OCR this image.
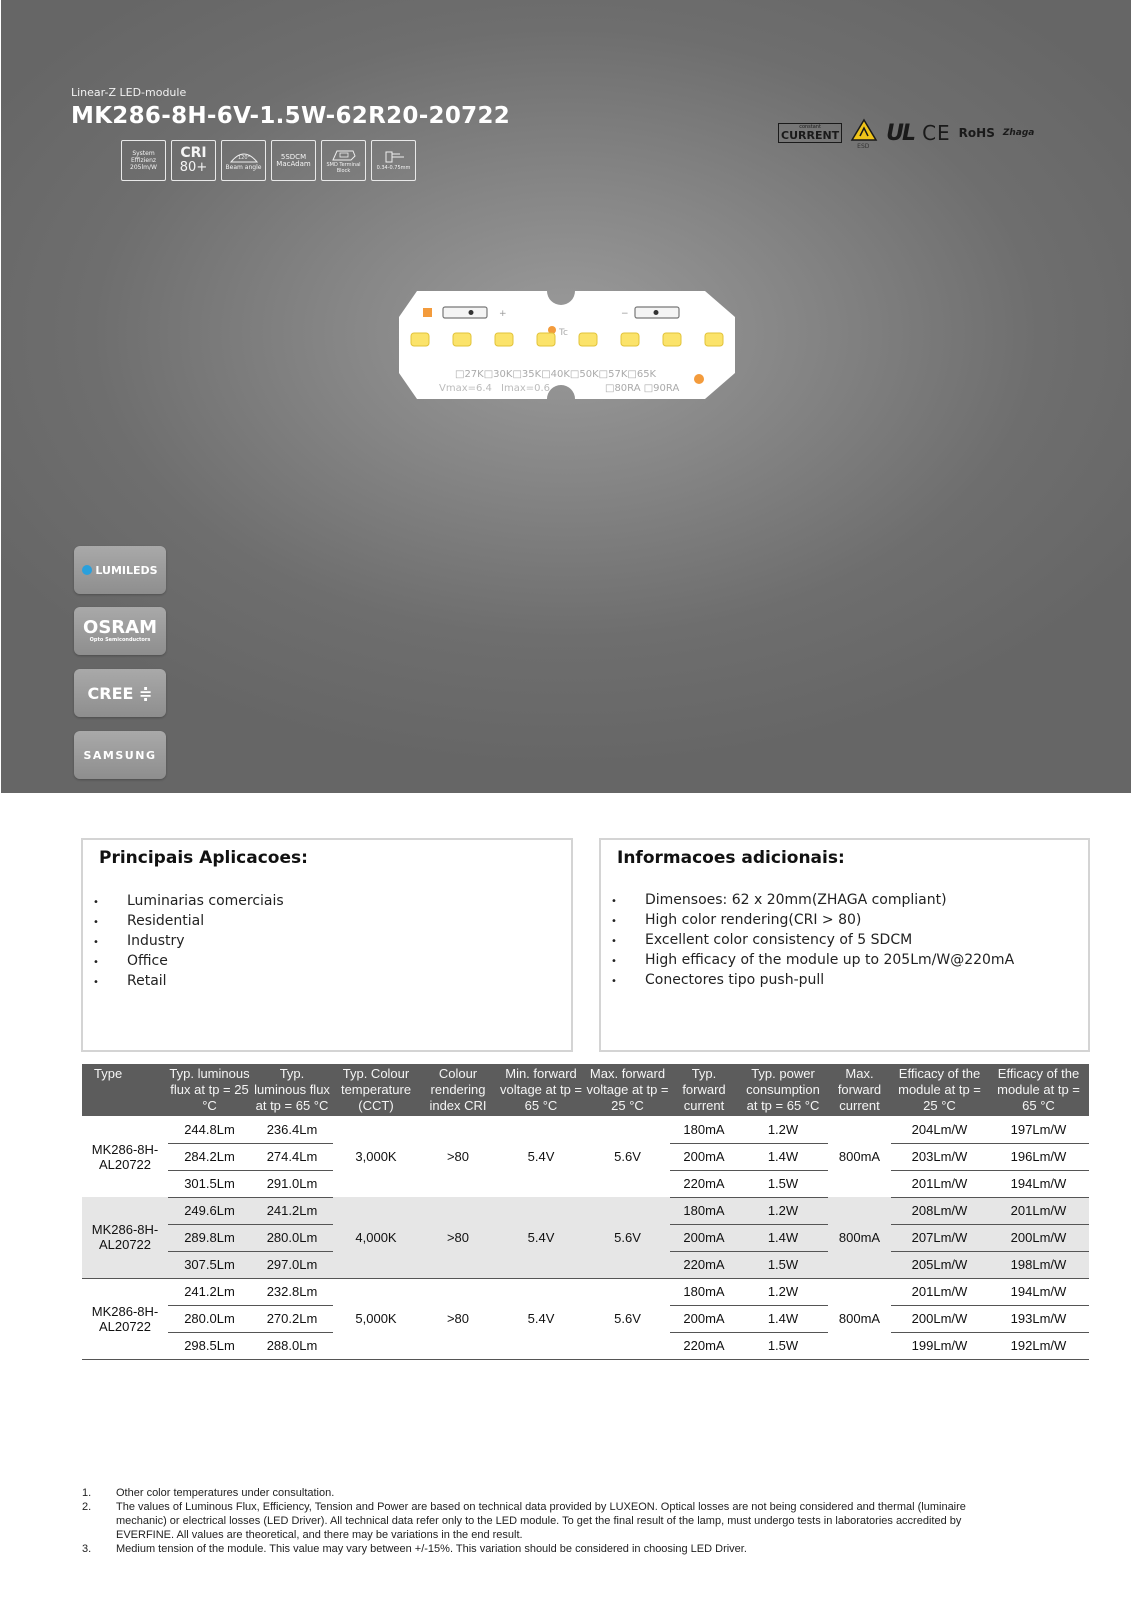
Linear-Z LED-module
MK286-8H-6V-1.5W-62R20-20722
System
Effizienz
205lm/W
CRI
80+
120°
Beam angle
5SDCM
MacAdam	SMD Terminal
Block	0.34-0.75mm
constant
CURRENT
ESD
UL CE RoHS Zhaga
+	−
Tc
□27K□30K□35K□40K□50K□57K□65K
Vmax=6.4 Imax=0.6	□80RA □90RA
LUMILEDS
OSRAM
Opto Semiconductors
CREE ≑
SAMSUNG
Principais Aplicacoes:
• Luminarias comerciais
• Residential
• Industry
• Office
• Retail
Informacoes adicionais:
• Dimensoes: 62 x 20mm(ZHAGA compliant)
• High color rendering(CRI > 80)
• Excellent color consistency of 5 SDCM
• High efficacy of the module up to 205Lm/W@220mA
• Conectores tipo push-pull
Type	Typ. luminous flux at tp = 25 °C	Typ. luminous flux at tp = 65 °C	Typ. Colour temperature (CCT)	Colour rendering index CRI	Min. forward voltage at tp = 65 °C	Max. forward voltage at tp = 25 °C	Typ. forward current	Typ. power consumption at tp = 65 °C	Max. forward current	Efficacy of the module at tp = 25 °C	Efficacy of the module at tp = 65 °C
MK286-8H-AL20722	244.8Lm	236.4Lm	3,000K	>80	5.4V	5.6V	180mA	1.2W	800mA	204Lm/W	197Lm/W
	284.2Lm	274.4Lm					200mA	1.4W		203Lm/W	196Lm/W
	301.5Lm	291.0Lm					220mA	1.5W		201Lm/W	194Lm/W
MK286-8H-AL20722	249.6Lm	241.2Lm	4,000K	>80	5.4V	5.6V	180mA	1.2W	800mA	208Lm/W	201Lm/W
	289.8Lm	280.0Lm					200mA	1.4W		207Lm/W	200Lm/W
	307.5Lm	297.0Lm					220mA	1.5W		205Lm/W	198Lm/W
MK286-8H-AL20722	241.2Lm	232.8Lm	5,000K	>80	5.4V	5.6V	180mA	1.2W	800mA	201Lm/W	194Lm/W
	280.0Lm	270.2Lm					200mA	1.4W		200Lm/W	193Lm/W
	298.5Lm	288.0Lm					220mA	1.5W		199Lm/W	192Lm/W
1.	Other color temperatures under consultation.
2.	The values of Luminous Flux, Efficiency, Tension and Power are based on technical data provided by LUXEON. Optical losses are not being considered and thermal (luminaire mechanic) or electrical losses (LED Driver). All technical data refer only to the LED module. To get the final result of the lamp, must undergo tests in laboratories accredited by EVERFINE. All values are theoretical, and there may be variations in the end result.
3.	Medium tension of the module. This value may vary between +/-15%. This variation should be considered in choosing LED Driver.
